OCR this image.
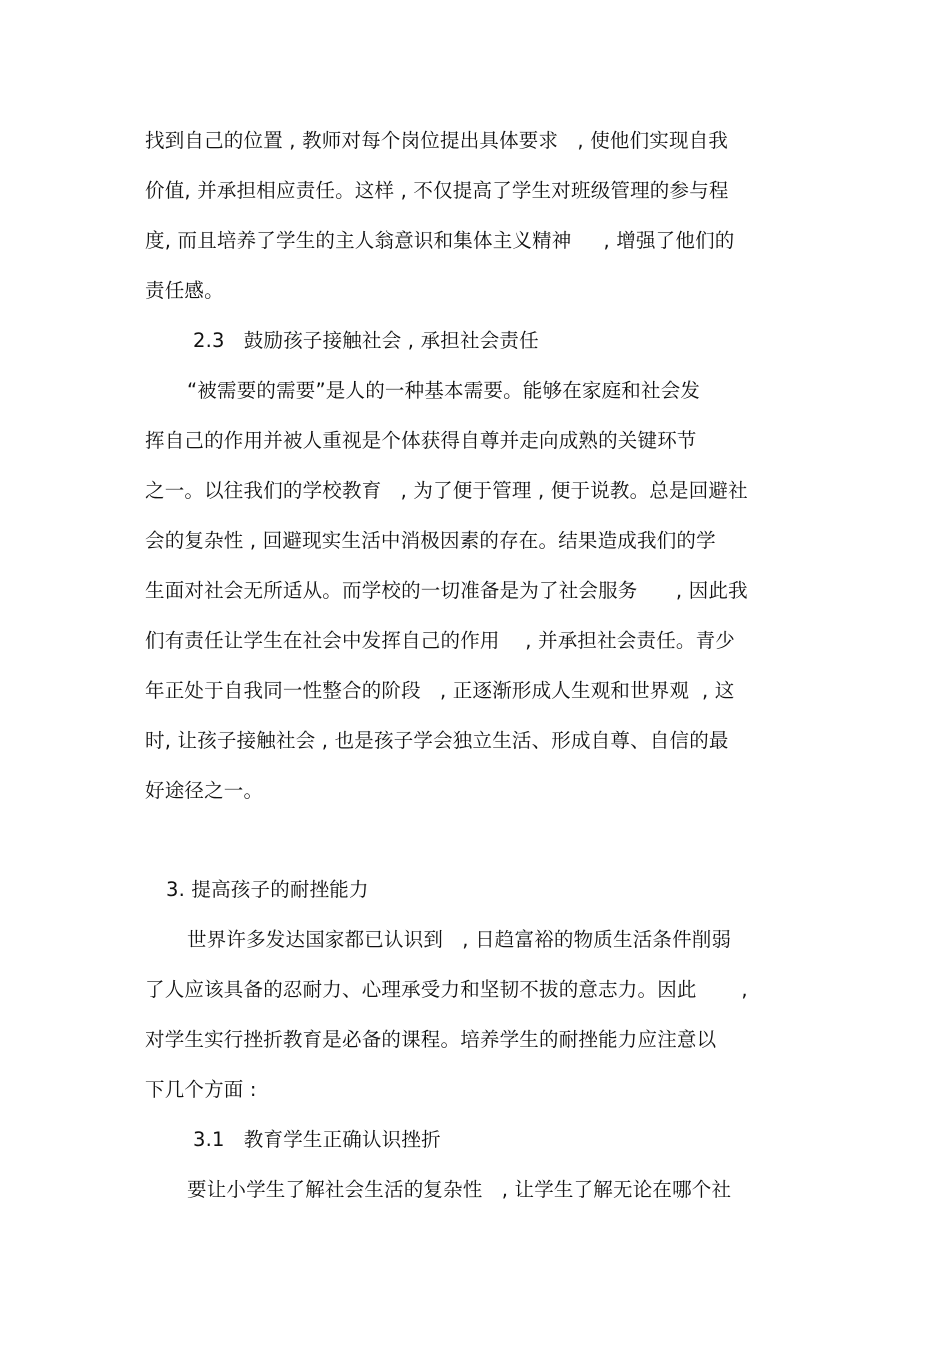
找到自己的位置 , 教师对每个岗位提出具体要求   , 使他们实现自我
价值, 并承担相应责任。这样 , 不仅提高了学生对班级管理的参与程
度, 而且培养了学生的主人翁意识和集体主义精神     , 增强了他们的
责任感。
2.3   鼓励孩子接触社会 , 承担社会责任
“被需要的需要”是人的一种基本需要。能够在家庭和社会发
挥自己的作用并被人重视是个体获得自尊并走向成熟的关键环节
之一。以往我们的学校教育   , 为了便于管理 , 便于说教。总是回避社
会的复杂性 , 回避现实生活中消极因素的存在。结果造成我们的学
生面对社会无所适从。而学校的一切准备是为了社会服务      , 因此我
们有责任让学生在社会中发挥自己的作用    , 并承担社会责任。青少
年正处于自我同一性整合的阶段   , 正逐渐形成人生观和世界观  , 这
时, 让孩子接触社会 , 也是孩子学会独立生活、形成自尊、自信的最
好途径之一。
3. 提高孩子的耐挫能力
世界许多发达国家都已认识到   , 日趋富裕的物质生活条件削弱
了人应该具备的忍耐力、心理承受力和坚韧不拔的意志力。因此       ,
对学生实行挫折教育是必备的课程。培养学生的耐挫能力应注意以
下几个方面 :
3.1   教育学生正确认识挫折
要让小学生了解社会生活的复杂性   , 让学生了解无论在哪个社
